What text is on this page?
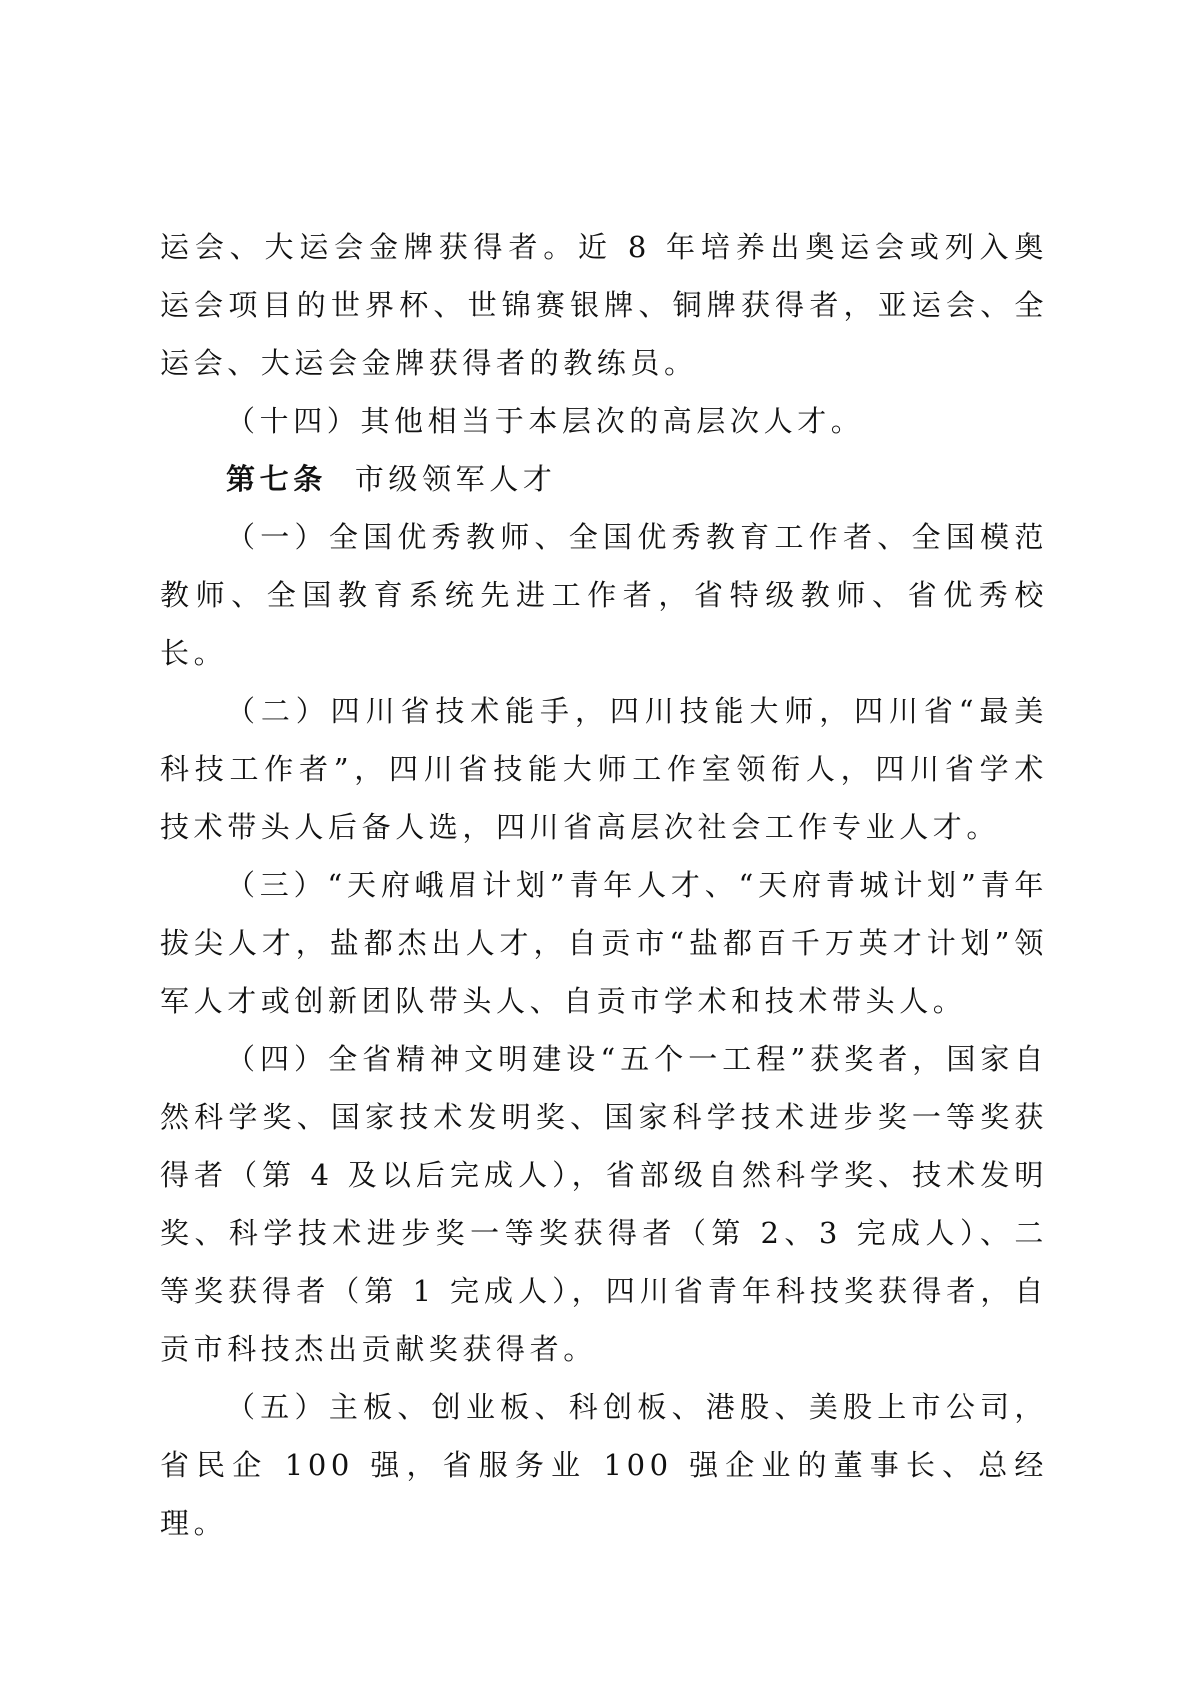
运会、大运会金牌获得者。近 8 年培养出奥运会或列入奥运会项目的世界杯、世锦赛银牌、铜牌获得者，亚运会、全运会、大运会金牌获得者的教练员。

（十四）其他相当于本层次的高层次人才。

第七条 市级领军人才

（一）全国优秀教师、全国优秀教育工作者、全国模范教师、全国教育系统先进工作者，省特级教师、省优秀校长。

（二）四川省技术能手，四川技能大师，四川省“最美科技工作者”，四川省技能大师工作室领衔人，四川省学术技术带头人后备人选，四川省高层次社会工作专业人才。

（三）“天府峨眉计划”青年人才、“天府青城计划”青年拔尖人才，盐都杰出人才，自贡市“盐都百千万英才计划”领军人才或创新团队带头人、自贡市学术和技术带头人。

（四）全省精神文明建设“五个一工程”获奖者，国家自然科学奖、国家技术发明奖、国家科学技术进步奖一等奖获得者（第 4 及以后完成人），省部级自然科学奖、技术发明奖、科学技术进步奖一等奖获得者（第 2、3 完成人）、二等奖获得者（第 1 完成人），四川省青年科技奖获得者，自贡市科技杰出贡献奖获得者。

（五）主板、创业板、科创板、港股、美股上市公司，省民企 100 强，省服务业 100 强企业的董事长、总经理。
